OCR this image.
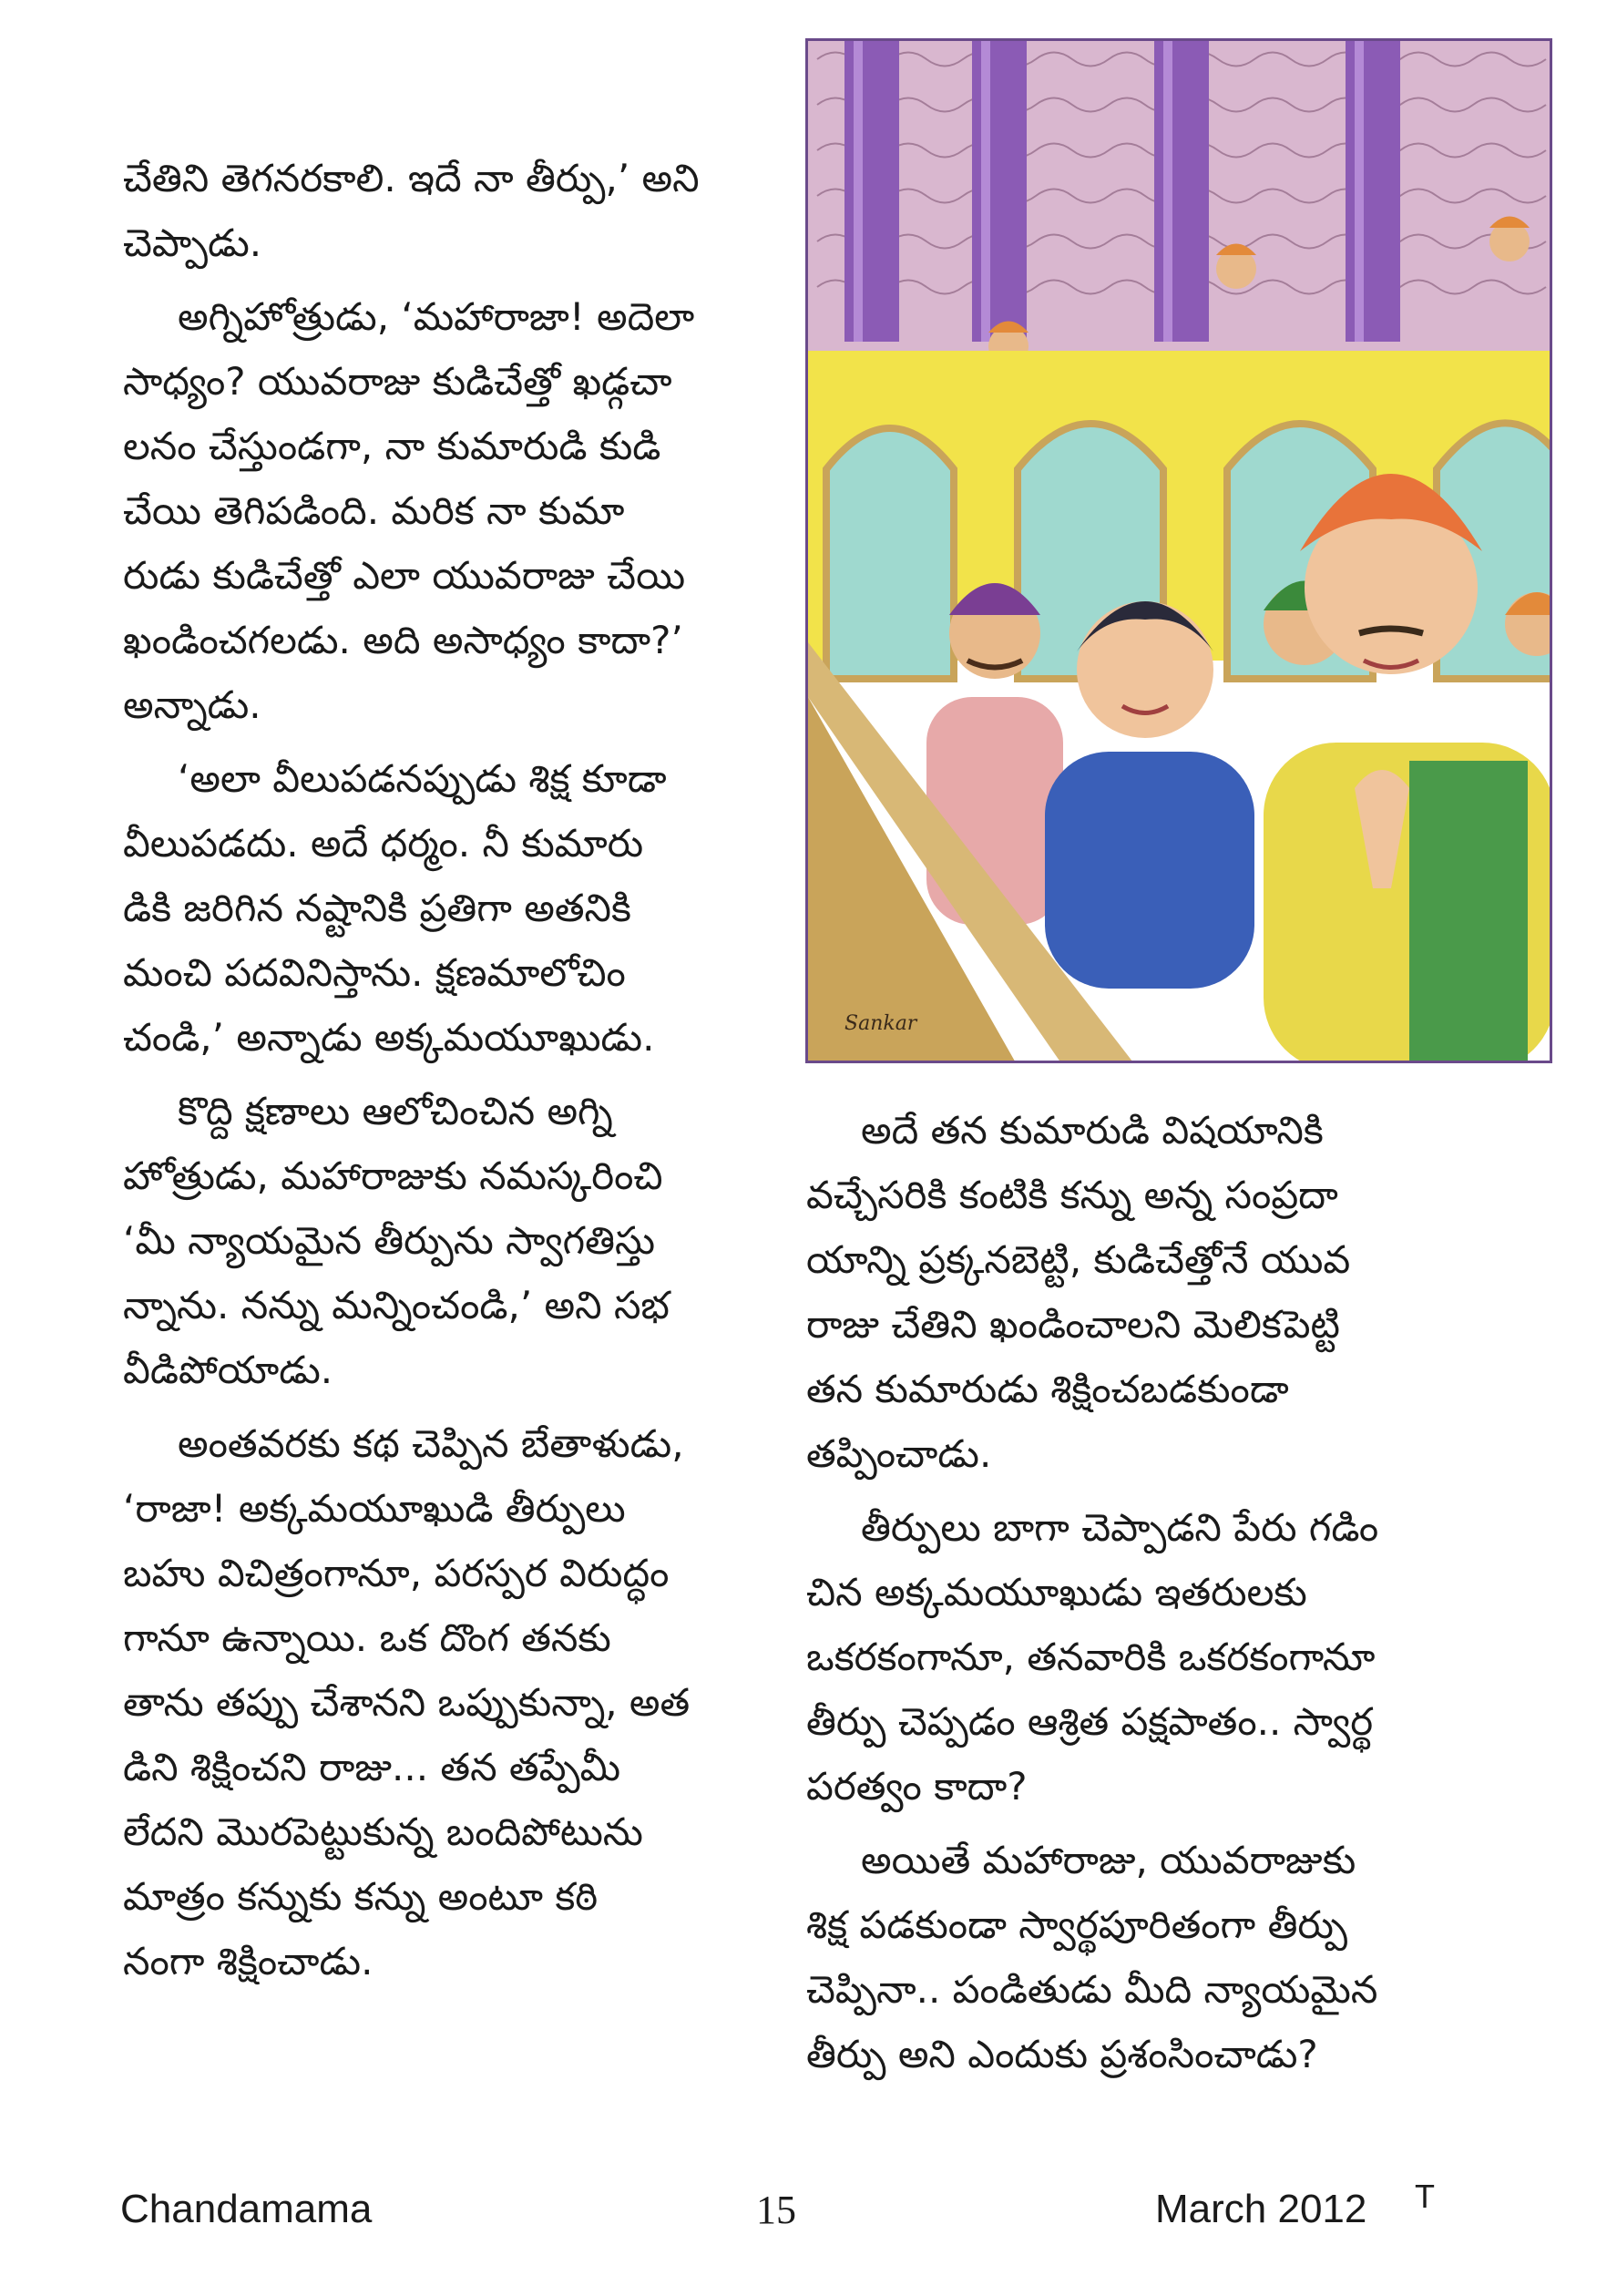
చేతిని తెగనరకాలి. ఇదే నా తీర్పు,’ అని
చెప్పాడు.

అగ్నిహోత్రుడు, ‘మహారాజా! అదెలా
సాధ్యం? యువరాజు కుడిచేత్తో ఖడ్గచా
లనం చేస్తుండగా, నా కుమారుడి కుడి
చేయి తెగిపడింది. మరిక నా కుమా
రుడు కుడిచేత్తో ఎలా యువరాజు చేయి
ఖండించగలడు. అది అసాధ్యం కాదా?’
అన్నాడు.

‘అలా వీలుపడనప్పుడు శిక్ష కూడా
వీలుపడదు. అదే ధర్మం. నీ కుమారు
డికి జరిగిన నష్టానికి ప్రతిగా అతనికి
మంచి పదవినిస్తాను. క్షణమాలోచిం
చండి,’ అన్నాడు అక్కమయూఖుడు.

కొద్ది క్షణాలు ఆలోచించిన అగ్ని
హోత్రుడు, మహారాజుకు నమస్కరించి
‘మీ న్యాయమైన తీర్పును స్వాగతిస్తు
న్నాను. నన్ను మన్నించండి,’ అని సభ
వీడిపోయాడు.

అంతవరకు కథ చెప్పిన బేతాళుడు,
‘రాజా! అక్కమయూఖుడి తీర్పులు
బహు విచిత్రంగానూ, పరస్పర విరుద్ధం
గానూ ఉన్నాయి. ఒక దొంగ తనకు
తాను తప్పు చేశానని ఒప్పుకున్నా, అత
డిని శిక్షించని రాజు... తన తప్పేమీ
లేదని మొరపెట్టుకున్న బందిపోటును
మాత్రం కన్నుకు కన్ను అంటూ కఠి
నంగా శిక్షించాడు.

Sankar

అదే తన కుమారుడి విషయానికి
వచ్చేసరికి కంటికి కన్ను అన్న సంప్రదా
యాన్ని ప్రక్కనబెట్టి, కుడిచేత్తోనే యువ
రాజు చేతిని ఖండించాలని మెలికపెట్టి
తన కుమారుడు శిక్షించబడకుండా
తప్పించాడు.

తీర్పులు బాగా చెప్పాడని పేరు గడిం
చిన అక్కమయూఖుడు ఇతరులకు
ఒకరకంగానూ, తనవారికి ఒకరకంగానూ
తీర్పు చెప్పడం ఆశ్రిత పక్షపాతం.. స్వార్థ
పరత్వం కాదా?

అయితే మహారాజు, యువరాజుకు
శిక్ష పడకుండా స్వార్థపూరితంగా తీర్పు
చెప్పినా.. పండితుడు మీది న్యాయమైన
తీర్పు అని ఎందుకు ప్రశంసించాడు?

Chandamama	15	March 2012 T
